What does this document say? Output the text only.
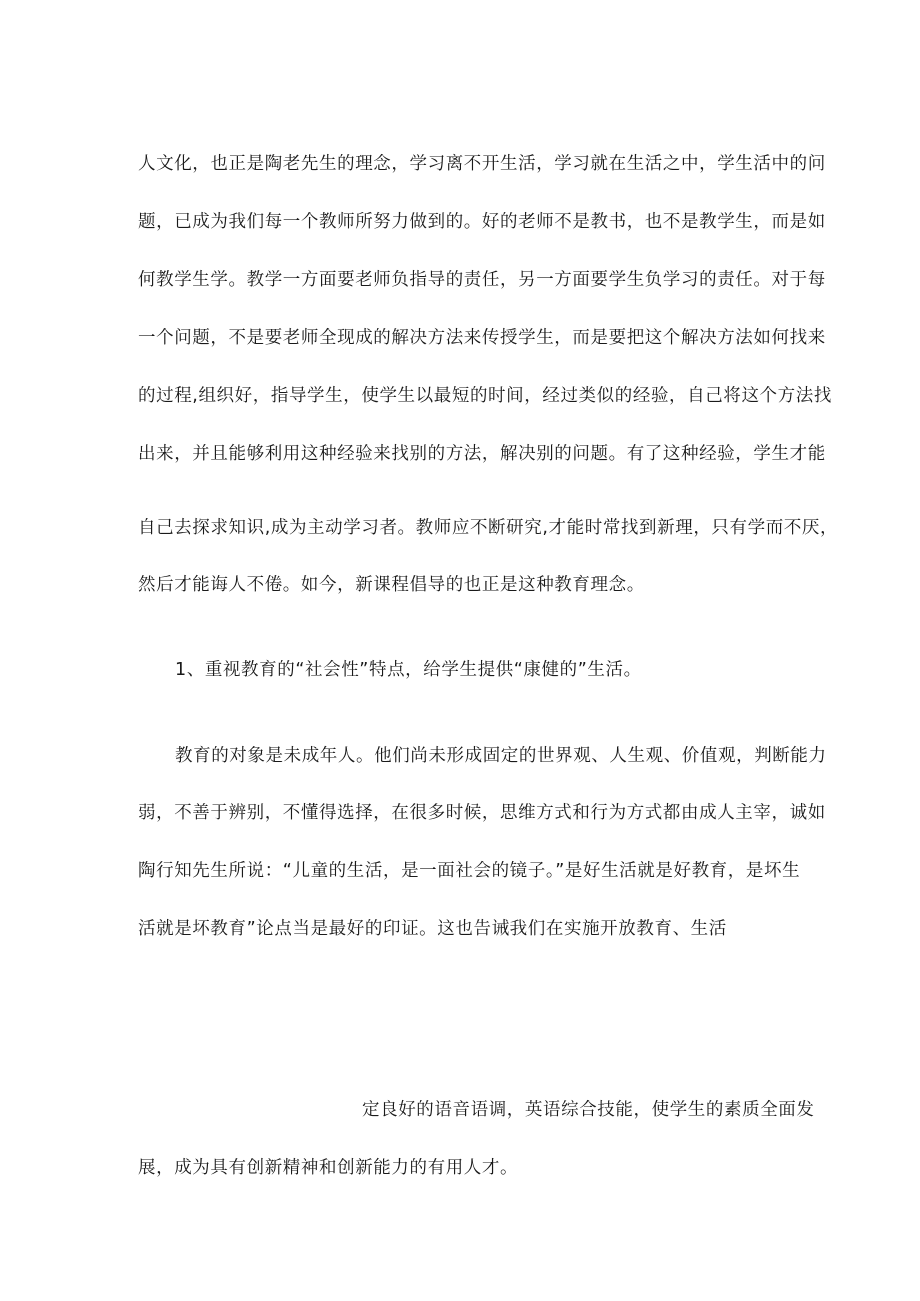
人文化，也正是陶老先生的理念，学习离不开生活，学习就在生活之中，学生活中的问
题，已成为我们每一个教师所努力做到的。好的老师不是教书，也不是教学生，而是如
何教学生学。教学一方面要老师负指导的责任，另一方面要学生负学习的责任。对于每
一个问题，不是要老师全现成的解决方法来传授学生，而是要把这个解决方法如何找来
的过程,组织好，指导学生，使学生以最短的时间，经过类似的经验，自己将这个方法找
出来，并且能够利用这种经验来找别的方法，解决别的问题。有了这种经验，学生才能
自己去探求知识,成为主动学习者。教师应不断研究,才能时常找到新理，只有学而不厌，
然后才能诲人不倦。如今，新课程倡导的也正是这种教育理念。
1、重视教育的“社会性”特点，给学生提供“康健的”生活。
教育的对象是未成年人。他们尚未形成固定的世界观、人生观、价值观，判断能力
弱，不善于辨别，不懂得选择，在很多时候，思维方式和行为方式都由成人主宰，诚如
陶行知先生所说：“儿童的生活，是一面社会的镜子。”是好生活就是好教育，是坏生
活就是坏教育”论点当是最好的印证。这也告诫我们在实施开放教育、生活
定良好的语音语调，英语综合技能，使学生的素质全面发
展，成为具有创新精神和创新能力的有用人才。
